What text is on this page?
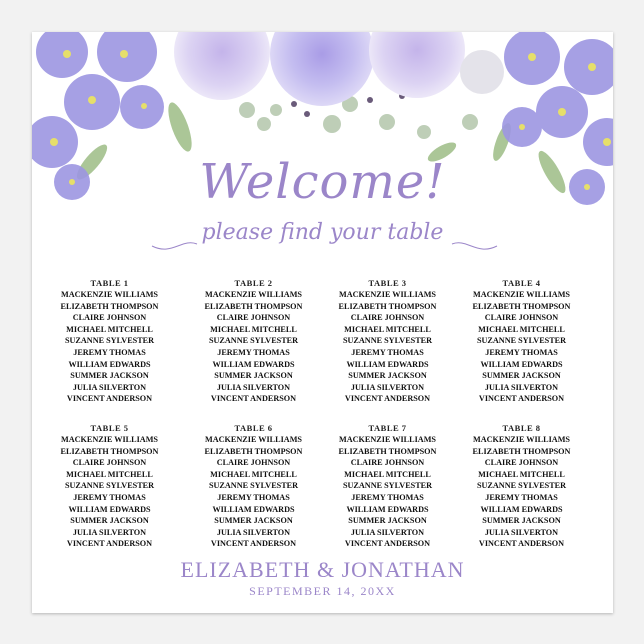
Welcome!
please find your table
TABLE 1
MACKENZIE WILLIAMS
ELIZABETH THOMPSON
CLAIRE JOHNSON
MICHAEL MITCHELL
SUZANNE SYLVESTER
JEREMY THOMAS
WILLIAM EDWARDS
SUMMER JACKSON
JULIA SILVERTON
VINCENT ANDERSON
TABLE 2
MACKENZIE WILLIAMS
ELIZABETH THOMPSON
CLAIRE JOHNSON
MICHAEL MITCHELL
SUZANNE SYLVESTER
JEREMY THOMAS
WILLIAM EDWARDS
SUMMER JACKSON
JULIA SILVERTON
VINCENT ANDERSON
TABLE 3
MACKENZIE WILLIAMS
ELIZABETH THOMPSON
CLAIRE JOHNSON
MICHAEL MITCHELL
SUZANNE SYLVESTER
JEREMY THOMAS
WILLIAM EDWARDS
SUMMER JACKSON
JULIA SILVERTON
VINCENT ANDERSON
TABLE 4
MACKENZIE WILLIAMS
ELIZABETH THOMPSON
CLAIRE JOHNSON
MICHAEL MITCHELL
SUZANNE SYLVESTER
JEREMY THOMAS
WILLIAM EDWARDS
SUMMER JACKSON
JULIA SILVERTON
VINCENT ANDERSON
TABLE 5
MACKENZIE WILLIAMS
ELIZABETH THOMPSON
CLAIRE JOHNSON
MICHAEL MITCHELL
SUZANNE SYLVESTER
JEREMY THOMAS
WILLIAM EDWARDS
SUMMER JACKSON
JULIA SILVERTON
VINCENT ANDERSON
TABLE 6
MACKENZIE WILLIAMS
ELIZABETH THOMPSON
CLAIRE JOHNSON
MICHAEL MITCHELL
SUZANNE SYLVESTER
JEREMY THOMAS
WILLIAM EDWARDS
SUMMER JACKSON
JULIA SILVERTON
VINCENT ANDERSON
TABLE 7
MACKENZIE WILLIAMS
ELIZABETH THOMPSON
CLAIRE JOHNSON
MICHAEL MITCHELL
SUZANNE SYLVESTER
JEREMY THOMAS
WILLIAM EDWARDS
SUMMER JACKSON
JULIA SILVERTON
VINCENT ANDERSON
TABLE 8
MACKENZIE WILLIAMS
ELIZABETH THOMPSON
CLAIRE JOHNSON
MICHAEL MITCHELL
SUZANNE SYLVESTER
JEREMY THOMAS
WILLIAM EDWARDS
SUMMER JACKSON
JULIA SILVERTON
VINCENT ANDERSON
ELIZABETH & JONATHAN
SEPTEMBER 14, 20XX
